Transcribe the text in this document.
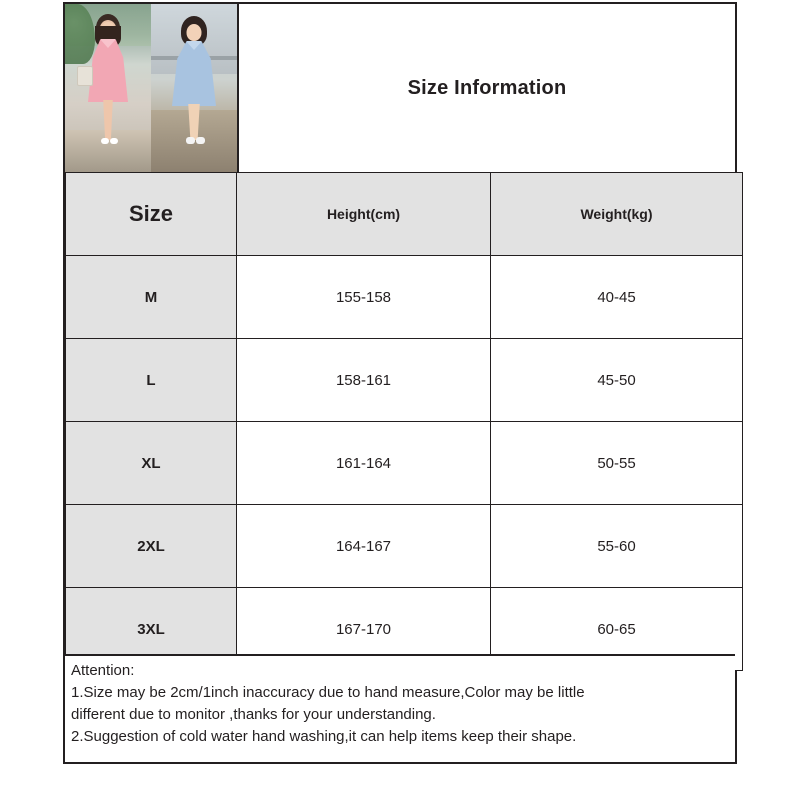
Size Information
Size	Height(cm)	Weight(kg)
M	155-158	40-45
L	158-161	45-50
XL	161-164	50-55
2XL	164-167	55-60
3XL	167-170	60-65

Attention:

1.Size may be 2cm/1inch inaccuracy due to hand measure,Color may be little

different due to monitor ,thanks for your understanding.

2.Suggestion of cold water hand washing,it can help items keep their shape.
